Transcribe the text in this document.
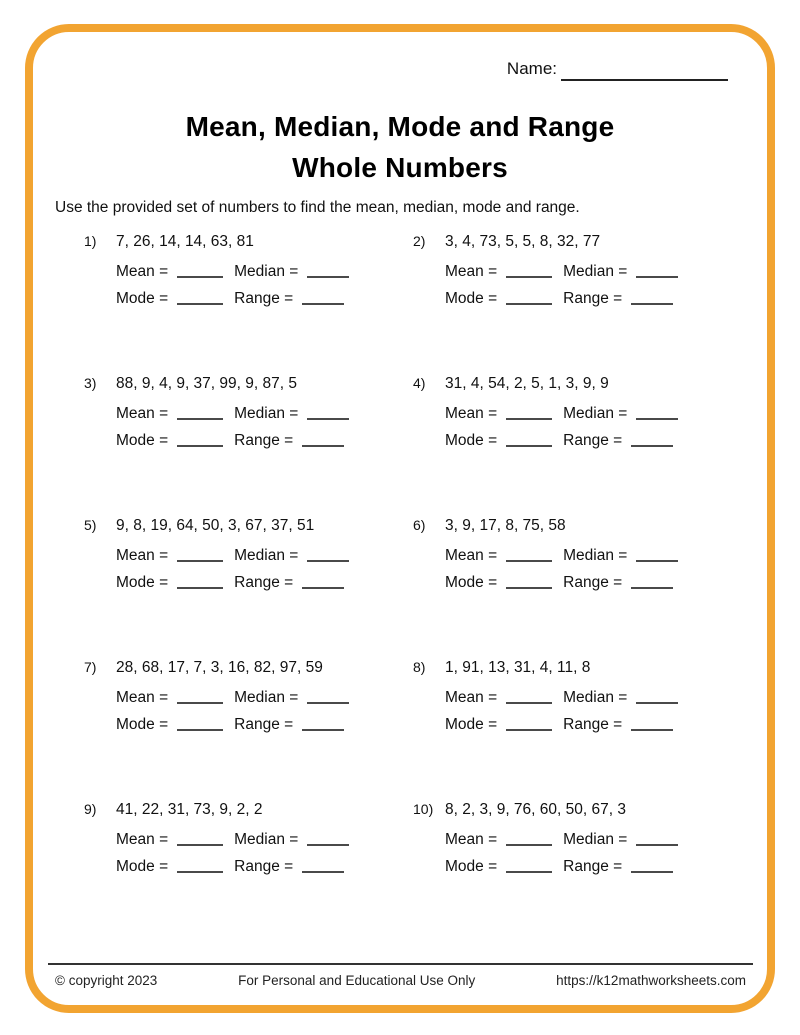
Name:
Mean, Median, Mode and Range
Whole Numbers
Use the provided set of numbers to find the mean, median, mode and range.
1)	7, 26, 14, 14, 63, 81
Mean =	Median =
Mode =	Range =
2)	3, 4, 73, 5, 5, 8, 32, 77
Mean =	Median =
Mode =	Range =
3)	88, 9, 4, 9, 37, 99, 9, 87, 5
Mean =	Median =
Mode =	Range =
4)	31, 4, 54, 2, 5, 1, 3, 9, 9
Mean =	Median =
Mode =	Range =
5)	9, 8, 19, 64, 50, 3, 67, 37, 51
Mean =	Median =
Mode =	Range =
6)	3, 9, 17, 8, 75, 58
Mean =	Median =
Mode =	Range =
7)	28, 68, 17, 7, 3, 16, 82, 97, 59
Mean =	Median =
Mode =	Range =
8)	1, 91, 13, 31, 4, 11, 8
Mean =	Median =
Mode =	Range =
9)	41, 22, 31, 73, 9, 2, 2
Mean =	Median =
Mode =	Range =
10) 8, 2, 3, 9, 76, 60, 50, 67, 3
Mean =	Median =
Mode =	Range =
© copyright 2023	For Personal and Educational Use Only	https://k12mathworksheets.com
